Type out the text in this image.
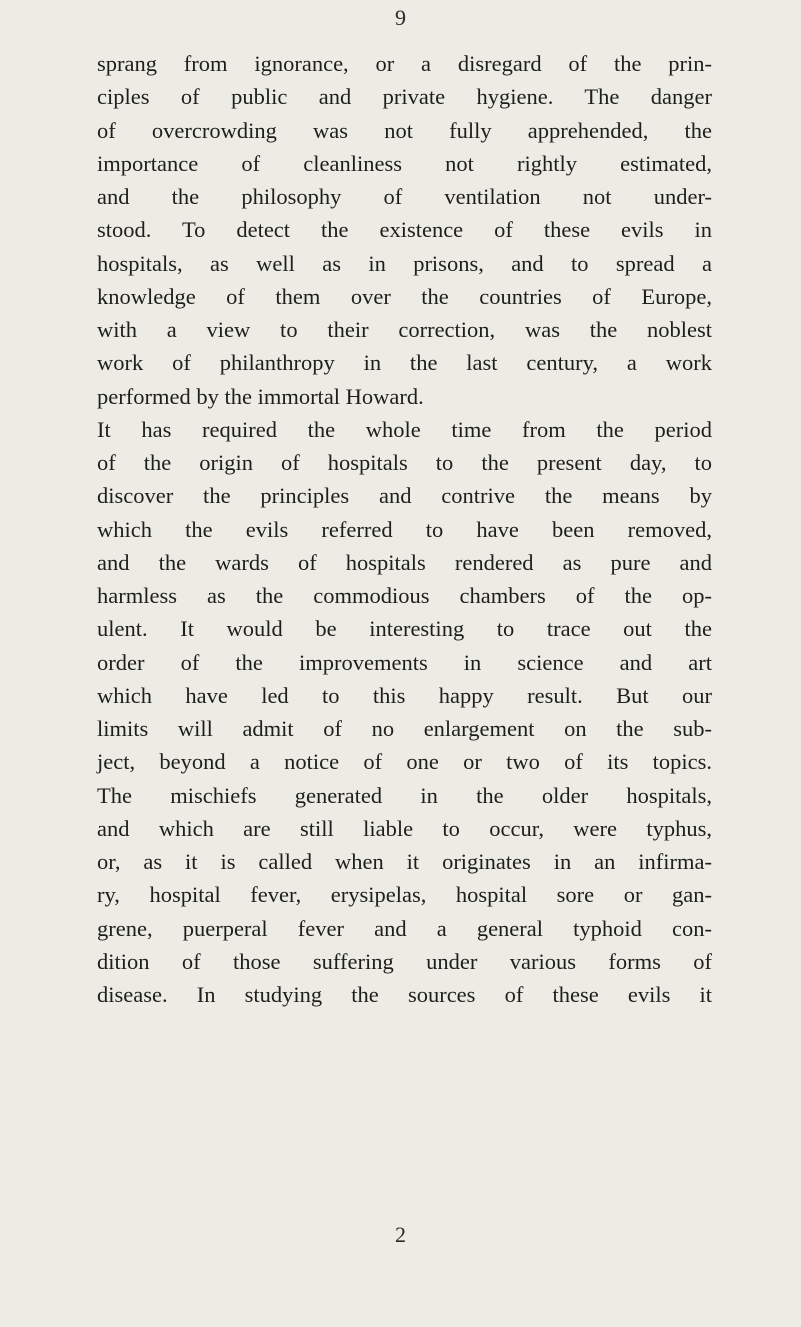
9
sprang from ignorance, or a disregard of the prin-
ciples of public and private hygiene. The danger
of overcrowding was not fully apprehended, the
importance of cleanliness not rightly estimated,
and the philosophy of ventilation not under-
stood. To detect the existence of these evils in
hospitals, as well as in prisons, and to spread a
knowledge of them over the countries of Europe,
with a view to their correction, was the noblest
work of philanthropy in the last century, a work
performed by the immortal Howard.
It has required the whole time from the period
of the origin of hospitals to the present day, to
discover the principles and contrive the means by
which the evils referred to have been removed,
and the wards of hospitals rendered as pure and
harmless as the commodious chambers of the op-
ulent. It would be interesting to trace out the
order of the improvements in science and art
which have led to this happy result. But our
limits will admit of no enlargement on the sub-
ject, beyond a notice of one or two of its topics.
The mischiefs generated in the older hospitals,
and which are still liable to occur, were typhus,
or, as it is called when it originates in an infirma-
ry, hospital fever, erysipelas, hospital sore or gan-
grene, puerperal fever and a general typhoid con-
dition of those suffering under various forms of
disease. In studying the sources of these evils it
2
